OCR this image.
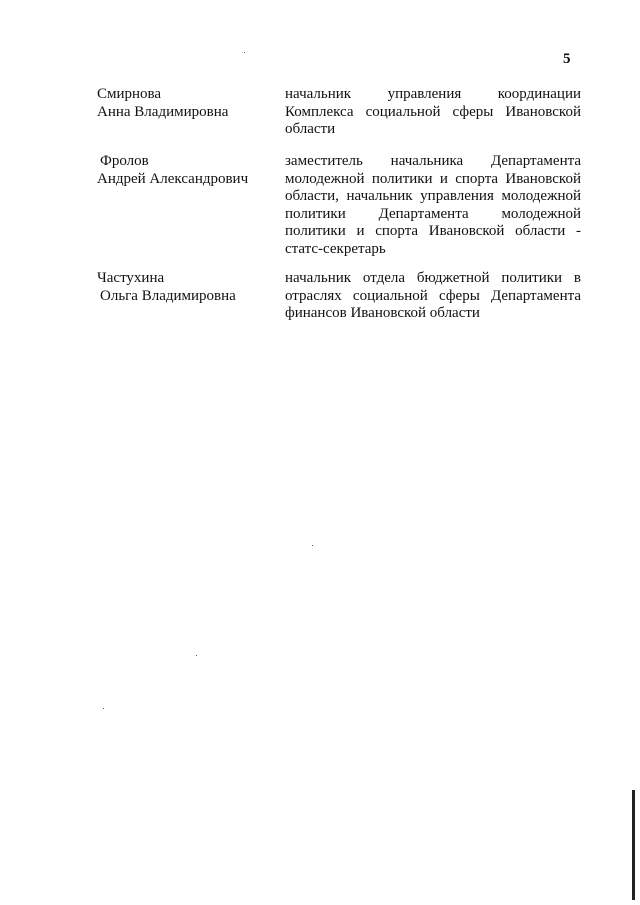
5
Смирнова
Анна Владимировна
начальник управления координации
Комплекса социальной сферы Ивановской
области
Фролов
Андрей Александрович
заместитель начальника Департамента
молодежной политики и спорта Ивановской
области, начальник управления молодежной
политики Департамента молодежной
политики и спорта Ивановской области -
статс-секретарь
Частухина
Ольга Владимировна
начальник отдела бюджетной политики в
отраслях социальной сферы Департамента
финансов Ивановской области
